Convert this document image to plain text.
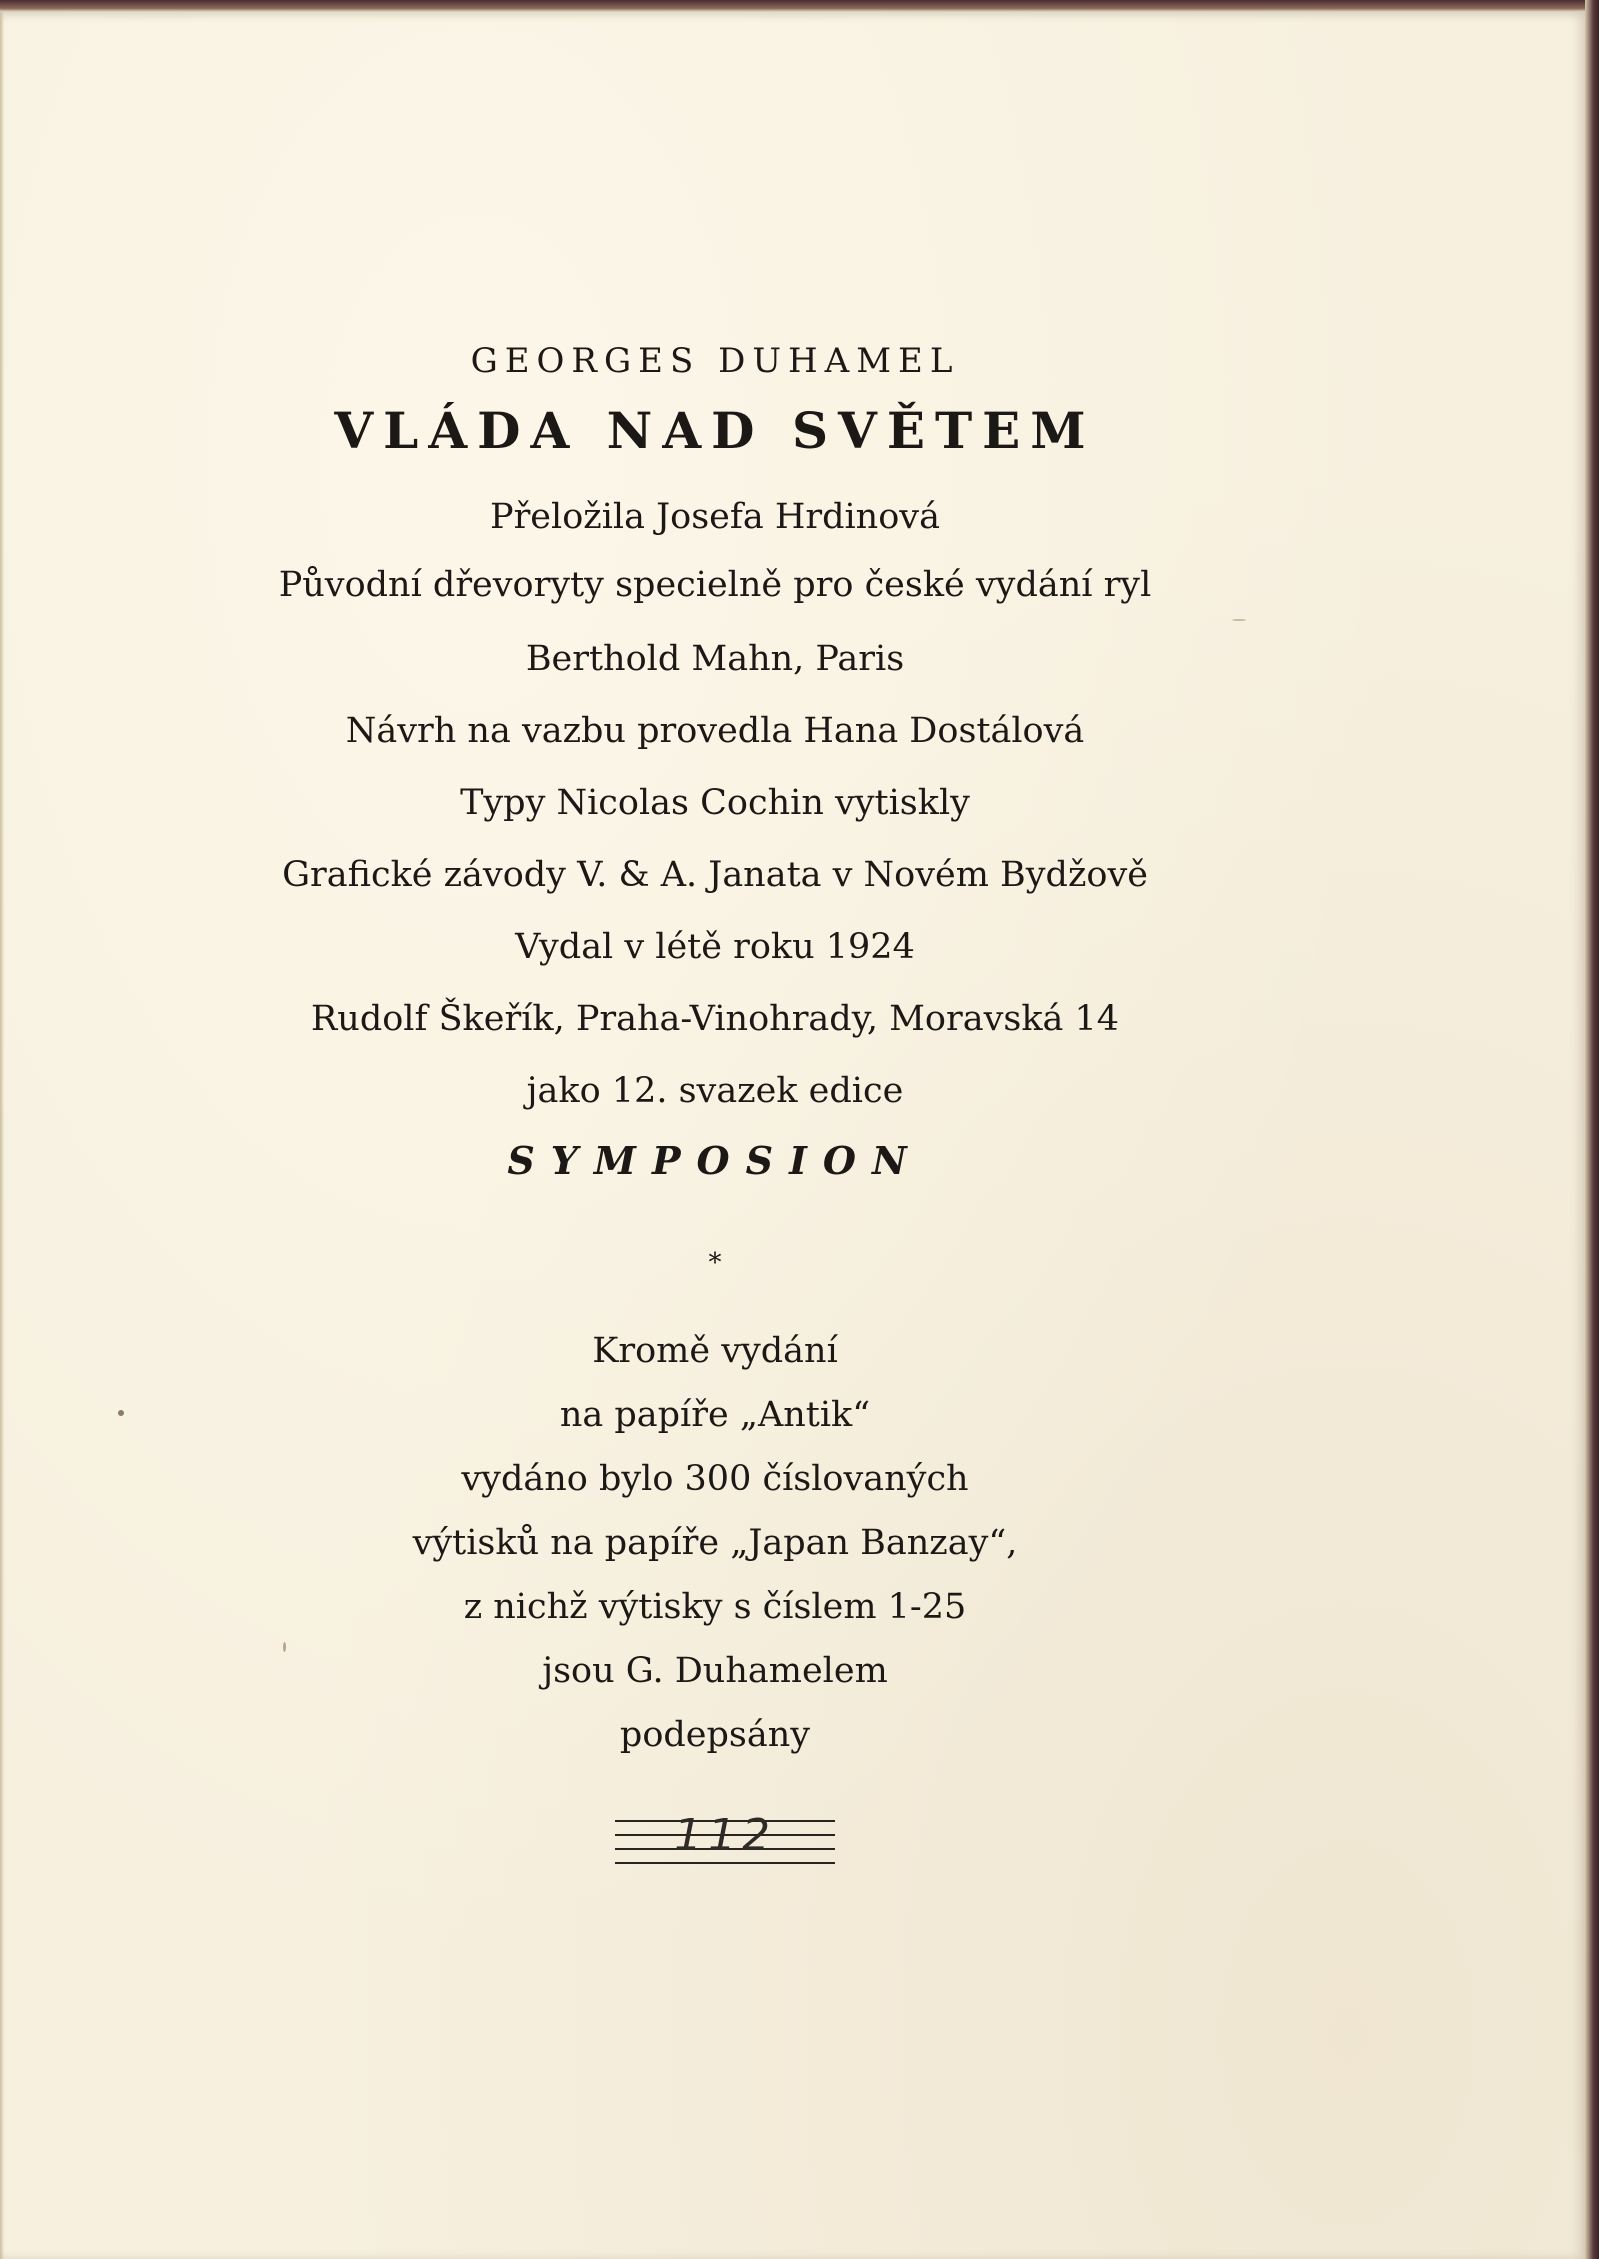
GEORGES DUHAMEL
VLÁDA NAD SVĚTEM
Přeložila Josefa Hrdinová
Původní dřevoryty specielně pro české vydání ryl
Berthold Mahn, Paris
Návrh na vazbu provedla Hana Dostálová
Typy Nicolas Cochin vytiskly
Grafické závody V. & A. Janata v Novém Bydžově
Vydal v létě roku 1924
Rudolf Škeřík, Praha-Vinohrady, Moravská 14
jako 12. svazek edice
SYMPOSION
*
Kromě vydání
na papíře „Antik“
vydáno bylo 300 číslovaných
výtisků na papíře „Japan Banzay“,
z nichž výtisky s číslem 1-25
jsou G. Duhamelem
podepsány
112
